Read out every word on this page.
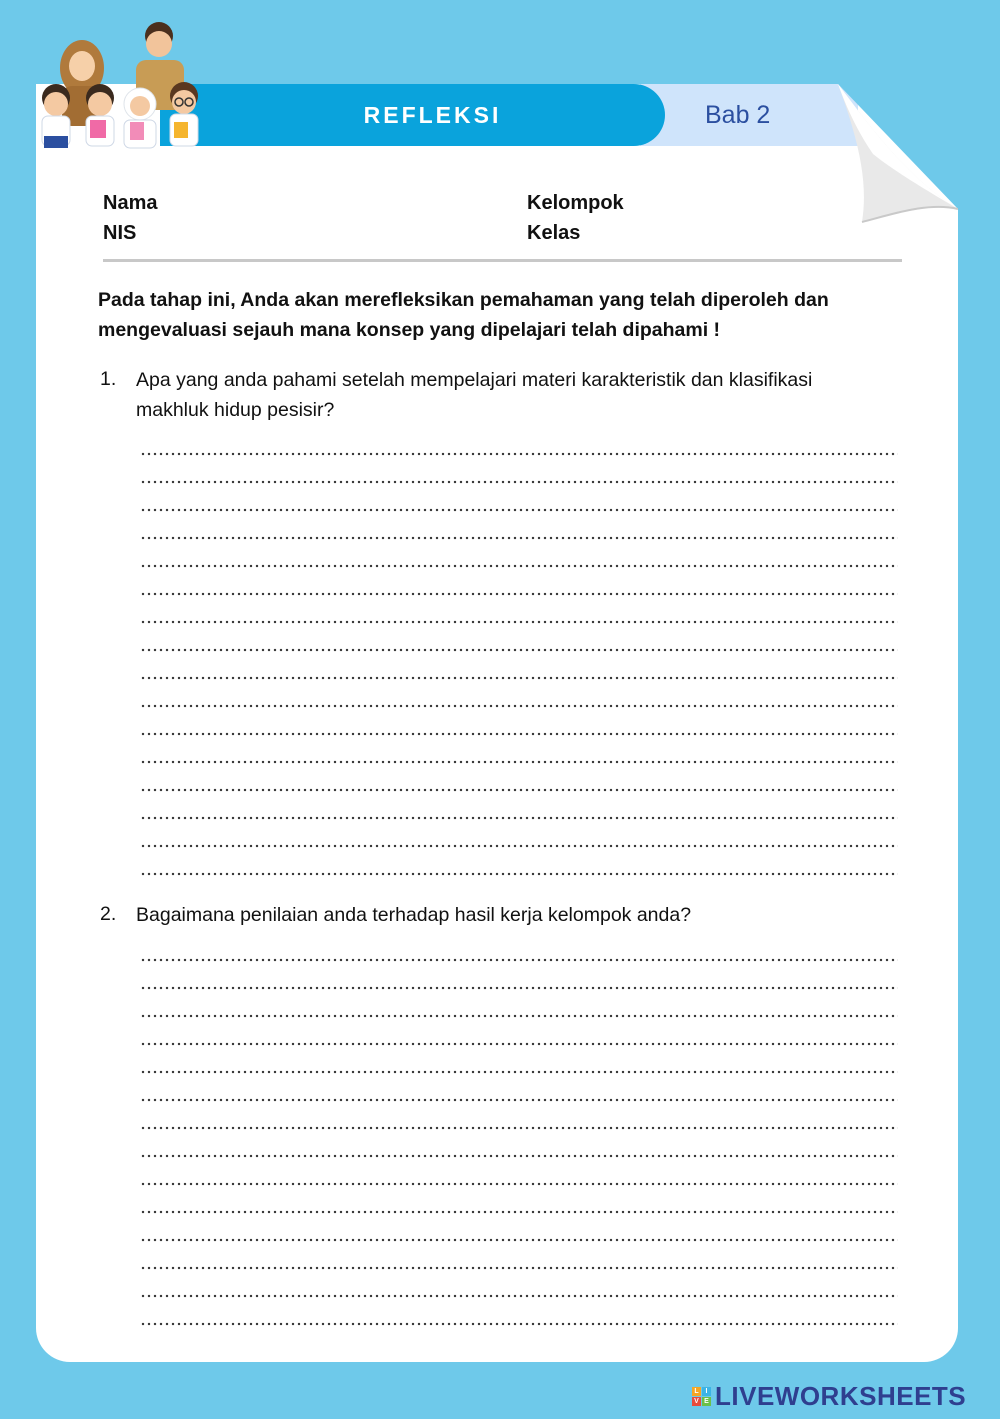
REFLEKSI	Bab 2
Nama
NIS
Kelompok
Kelas
Pada tahap ini, Anda akan merefleksikan pemahaman yang telah diperoleh dan mengevaluasi sejauh mana konsep yang dipelajari telah dipahami !
1. Apa yang anda pahami setelah mempelajari materi karakteristik dan klasifikasi makhluk hidup pesisir?
2. Bagaimana penilaian anda terhadap hasil kerja kelompok anda?
L I
V E LIVEWORKSHEETS
